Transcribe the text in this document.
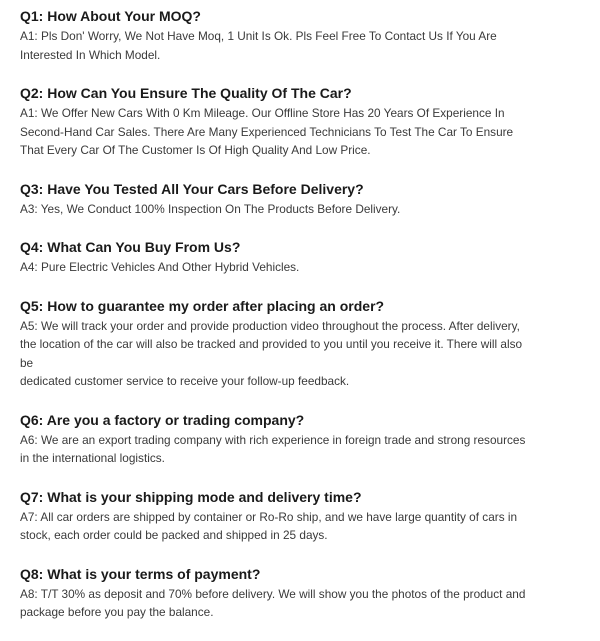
Q1: How About Your MOQ?

A1: Pls Don' Worry, We Not Have Moq, 1 Unit Is Ok. Pls Feel Free To Contact Us If You Are
Interested In Which Model.

Q2: How Can You Ensure The Quality Of The Car?

A1: We Offer New Cars With 0 Km Mileage. Our Offline Store Has 20 Years Of Experience In
Second-Hand Car Sales. There Are Many Experienced Technicians To Test The Car To Ensure
That Every Car Of The Customer Is Of High Quality And Low Price.

Q3: Have You Tested All Your Cars Before Delivery?

A3: Yes, We Conduct 100% Inspection On The Products Before Delivery.

Q4: What Can You Buy From Us?

A4: Pure Electric Vehicles And Other Hybrid Vehicles.

Q5: How to guarantee my order after placing an order?

A5: We will track your order and provide production video throughout the process. After delivery,
the location of the car will also be tracked and provided to you until you receive it. There will also
be
dedicated customer service to receive your follow-up feedback.

Q6: Are you a factory or trading company?

A6: We are an export trading company with rich experience in foreign trade and strong resources
in the international logistics.

Q7: What is your shipping mode and delivery time?

A7: All car orders are shipped by container or Ro-Ro ship, and we have large quantity of cars in
stock, each order could be packed and shipped in 25 days.

Q8: What is your terms of payment?

A8: T/T 30% as deposit and 70% before delivery. We will show you the photos of the product and
package before you pay the balance.
